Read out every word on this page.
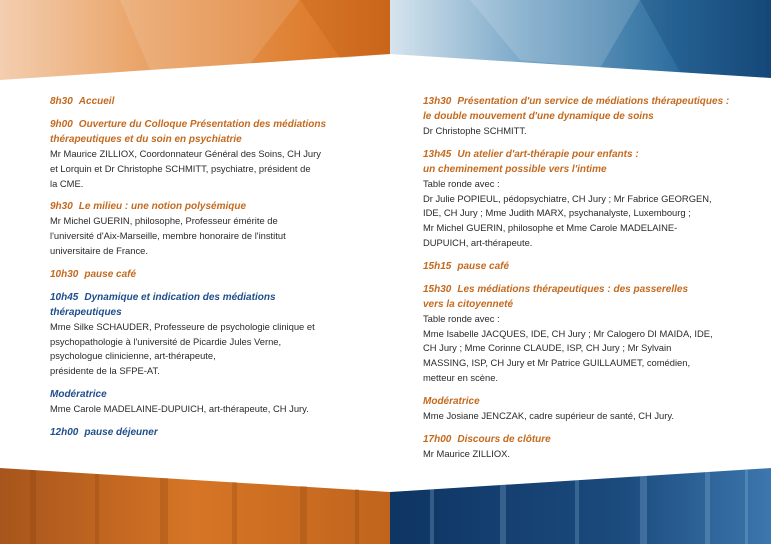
8h30 Accueil
9h00 Ouverture du Colloque Présentation des médiations
thérapeutiques et du soin en psychiatrie
Mr Maurice ZILLIOX, Coordonnateur Général des Soins, CH Jury
et Lorquin et Dr Christophe SCHMITT, psychiatre, président de
la CME.
9h30 Le milieu : une notion polysémique
Mr Michel GUERIN, philosophe, Professeur émérite de
l'université d'Aix-Marseille, membre honoraire de l'institut
universitaire de France.
10h30 pause café
10h45 Dynamique et indication des médiations
thérapeutiques
Mme Silke SCHAUDER, Professeure de psychologie clinique et
psychopathologie à l'université de Picardie Jules Verne,
psychologue clinicienne, art-thérapeute,
présidente de la SFPE-AT.
Modératrice
Mme Carole MADELAINE-DUPUICH, art-thérapeute, CH Jury.
12h00 pause déjeuner
13h30 Présentation d'un service de médiations thérapeutiques :
le double mouvement d'une dynamique de soins
Dr Christophe SCHMITT.
13h45 Un atelier d'art-thérapie pour enfants :
un cheminement possible vers l'intime
Table ronde avec :
Dr Julie POPIEUL, pédopsychiatre, CH Jury ; Mr Fabrice GEORGEN,
IDE, CH Jury ; Mme Judith MARX, psychanalyste, Luxembourg ;
Mr Michel GUERIN, philosophe et Mme Carole MADELAINE-
DUPUICH, art-thérapeute.
15h15 pause café
15h30 Les médiations thérapeutiques : des passerelles
vers la citoyenneté
Table ronde avec :
Mme Isabelle JACQUES, IDE, CH Jury ; Mr Calogero DI MAIDA, IDE,
CH Jury ; Mme Corinne CLAUDE, ISP, CH Jury ; Mr Sylvain
MASSING, ISP, CH Jury et Mr Patrice GUILLAUMET, comédien,
metteur en scène.
Modératrice
Mme Josiane JENCZAK, cadre supérieur de santé, CH Jury.
17h00 Discours de clôture
Mr Maurice ZILLIOX.
